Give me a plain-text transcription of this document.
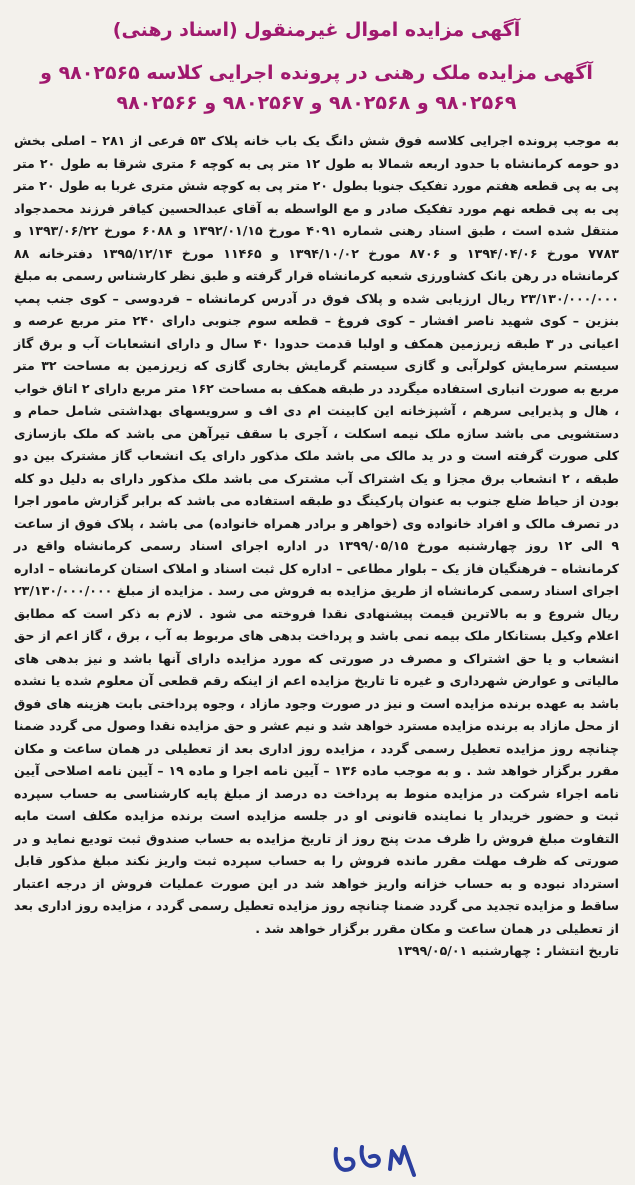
آگهی مزایده اموال غیرمنقول (اسناد رهنی)
آگهی مزایده ملک رهنی در پرونده اجرایی کلاسه ۹۸۰۲۵۶۵ و ۹۸۰۲۵۶۹ و ۹۸۰۲۵۶۸ و ۹۸۰۲۵۶۷ و ۹۸۰۲۵۶۶
به موجب پرونده اجرایی کلاسه فوق شش دانگ یک باب خانه پلاک ۵۳ فرعی از ۲۸۱ – اصلی بخش دو حومه کرمانشاه با حدود اربعه شمالا به طول ۱۲ متر پی به کوچه ۶ متری شرقا به طول ۲۰ متر پی به پی قطعه هفتم مورد تفکیک جنوبا بطول ۲۰ متر پی به کوچه شش متری غربا به طول ۲۰ متر پی به پی قطعه نهم مورد تفکیک صادر و مع الواسطه به آقای عبدالحسین کیافر فرزند محمدجواد منتقل شده است ، طبق اسناد رهنی شماره ۴۰۹۱ مورخ ۱۳۹۲/۰۱/۱۵ و ۶۰۸۸ مورخ ۱۳۹۳/۰۶/۲۲ و ۷۷۸۳ مورخ ۱۳۹۴/۰۴/۰۶ و ۸۷۰۶ مورخ ۱۳۹۴/۱۰/۰۲ و ۱۱۴۶۵ مورخ ۱۳۹۵/۱۲/۱۴ دفترخانه ۸۸ کرمانشاه در رهن بانک کشاورزی شعبه کرمانشاه قرار گرفته و طبق نظر کارشناس رسمی به مبلغ ۲۳/۱۳۰/۰۰۰/۰۰۰ ریال ارزیابی شده و پلاک فوق در آدرس کرمانشاه – فردوسی – کوی جنب پمپ بنزین – کوی شهید ناصر افشار – کوی فروغ – قطعه سوم جنوبی دارای ۲۴۰ متر مربع عرصه و اعیانی در ۳ طبقه زیرزمین همکف و اولبا قدمت حدودا ۴۰ سال و دارای انشعابات آب و برق گاز سیستم سرمایش کولرآبی و گازی سیستم گرمایش بخاری گازی که زیرزمین به مساحت ۳۲ متر مربع به صورت انباری استفاده میگردد در طبقه همکف به مساحت ۱۶۲ متر مربع دارای ۲ اتاق خواب ، هال و پذیرایی سرهم ، آشپزخانه این کابینت ام دی اف و سرویسهای بهداشتی شامل حمام و دستشویی می باشد سازه ملک نیمه اسکلت ، آجری با سقف تیرآهن می باشد که ملک بازسازی کلی صورت گرفته است و در ید مالک می باشد ملک مذکور دارای یک انشعاب گاز مشترک بین دو طبقه ، ۲ انشعاب برق مجزا و یک اشتراک آب مشترک می باشد ملک مذکور دارای به دلیل دو کله بودن از حیاط ضلع جنوب به عنوان پارکینگ دو طبقه استفاده می باشد که برابر گزارش مامور اجرا در تصرف مالک و افراد خانواده وی (خواهر و برادر همراه خانواده) می باشد ، پلاک فوق از ساعت ۹ الی ۱۲ روز چهارشنبه مورخ ۱۳۹۹/۰۵/۱۵ در اداره اجرای اسناد رسمی کرمانشاه واقع در کرمانشاه – فرهنگیان فاز یک – بلوار مطاعی – اداره کل ثبت اسناد و املاک استان کرمانشاه – اداره اجرای اسناد رسمی کرمانشاه از طریق مزایده به فروش می رسد . مزایده از مبلغ ۲۳/۱۳۰/۰۰۰/۰۰۰ ریال شروع و به بالاترین قیمت پیشنهادی نقدا فروخته می شود . لازم به ذکر است که مطابق اعلام وکیل بستانکار ملک بیمه نمی باشد و پرداخت بدهی های مربوط به آب ، برق ، گاز اعم از حق انشعاب و یا حق اشتراک و مصرف در صورتی که مورد مزایده دارای آنها باشد و نیز بدهی های مالیاتی و عوارض شهرداری و غیره تا تاریخ مزایده اعم از اینکه رقم قطعی آن معلوم شده یا نشده باشد به عهده برنده مزایده است و نیز در صورت وجود مازاد ، وجوه پرداختی بابت هزینه های فوق از محل مازاد به برنده مزایده مسترد خواهد شد و نیم عشر و حق مزایده نقدا وصول می گردد ضمنا چنانچه روز مزایده تعطیل رسمی گردد ، مزایده روز اداری بعد از تعطیلی در همان ساعت و مکان مقرر برگزار خواهد شد . و به موجب ماده ۱۳۶ – آیین نامه اجرا و ماده ۱۹ – آیین نامه اصلاحی آیین نامه اجراء شرکت در مزایده منوط به پرداخت ده درصد از مبلغ پایه کارشناسی به حساب سپرده ثبت و حضور خریدار یا نماینده قانونی او در جلسه مزایده است برنده مزایده مکلف است مابه التفاوت مبلغ فروش را ظرف مدت پنج روز از تاریخ مزایده به حساب صندوق ثبت تودیع نماید و در صورتی که ظرف مهلت مقرر مانده فروش را به حساب سپرده ثبت واریز نکند مبلغ مذکور قابل استرداد نبوده و به حساب خزانه واریز خواهد شد در این صورت عملیات فروش از درجه اعتبار ساقط و مزایده تجدید می گردد ضمنا چنانچه روز مزایده تعطیل رسمی گردد ، مزایده روز اداری بعد از تعطیلی در همان ساعت و مکان مقرر برگزار خواهد شد .
تاریخ انتشار : چهارشنبه ۱۳۹۹/۰۵/۰۱
